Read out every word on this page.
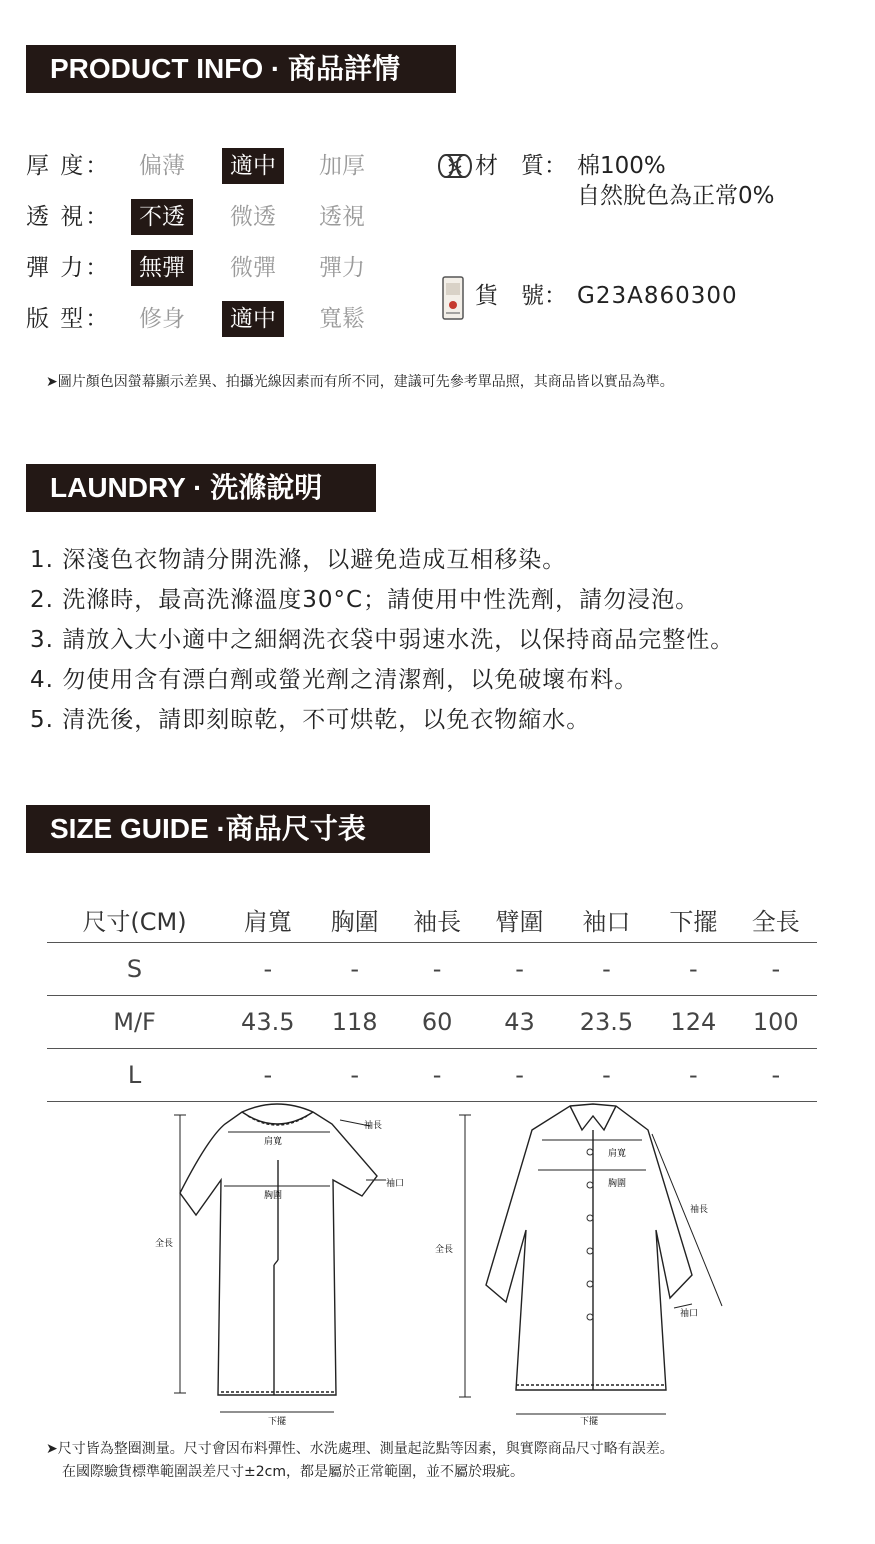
PRODUCT INFO · 商品詳情
厚 度：	偏薄	適中	加厚
透 視：	不透	微透	透視
彈 力：	無彈	微彈	彈力
版 型：	修身	適中	寬鬆
材　質： 棉100%
自然脫色為正常0%
貨　號： G23A860300
➤圖片顏色因螢幕顯示差異、拍攝光線因素而有所不同，建議可先參考單品照，其商品皆以實品為準。
LAUNDRY · 洗滌說明
1. 深淺色衣物請分開洗滌，以避免造成互相移染。
2. 洗滌時，最高洗滌溫度30°C；請使用中性洗劑，請勿浸泡。
3. 請放入大小適中之細網洗衣袋中弱速水洗，以保持商品完整性。
4. 勿使用含有漂白劑或螢光劑之清潔劑，以免破壞布料。
5. 清洗後，請即刻晾乾，不可烘乾，以免衣物縮水。
SIZE GUIDE ·商品尺寸表
尺寸(CM)	肩寬	胸圍	袖長	臂圍	袖口	下擺	全長
S	-	-	-	-	-	-	-
M/F	43.5	118	60	43	23.5	124	100
L	-	-	-	-	-	-	-
全長
肩寬
胸圍
袖長
袖口
下擺
全長
肩寬
胸圍
袖長
袖口
下擺
➤尺寸皆為整圈測量。尺寸會因布料彈性、水洗處理、測量起訖點等因素，與實際商品尺寸略有誤差。
在國際驗貨標準範圍誤差尺寸±2cm，都是屬於正常範圍，並不屬於瑕疵。
